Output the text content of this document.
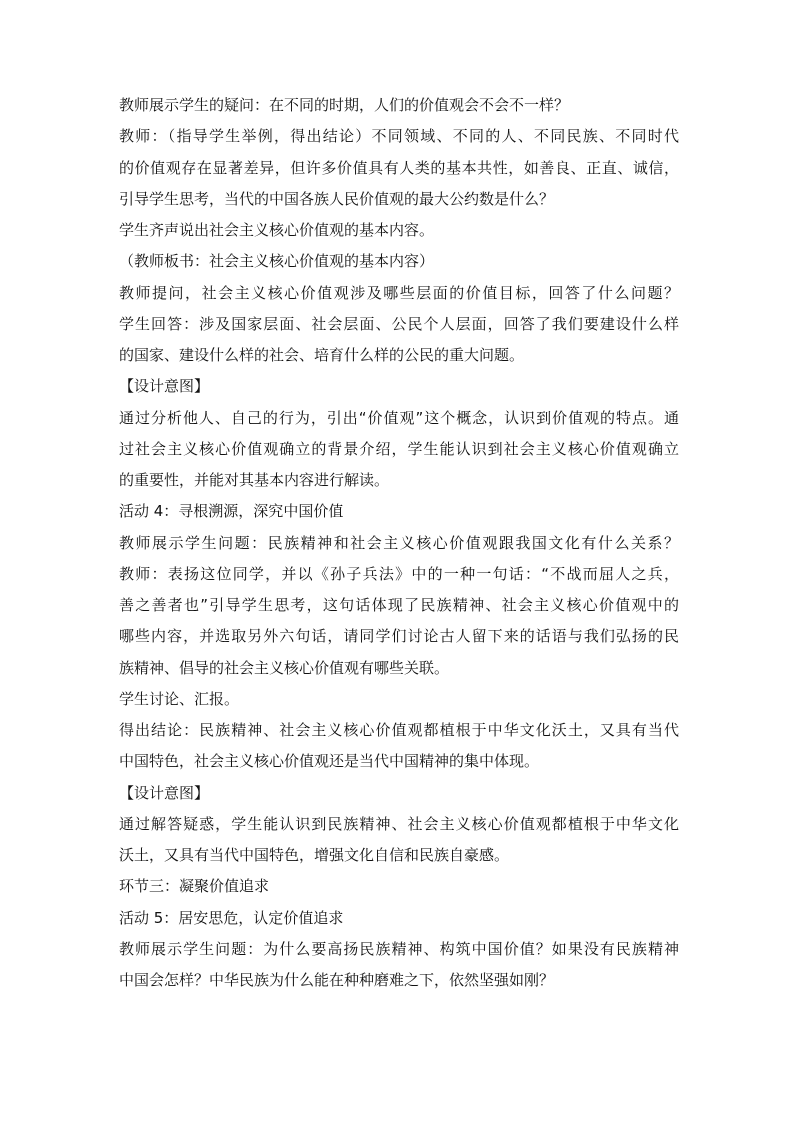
教师展示学生的疑问：在不同的时期，人们的价值观会不会不一样？
教师：（指导学生举例，得出结论）不同领域、不同的人、不同民族、不同时代
的价值观存在显著差异，但许多价值具有人类的基本共性，如善良、正直、诚信，
引导学生思考，当代的中国各族人民价值观的最大公约数是什么？
学生齐声说出社会主义核心价值观的基本内容。
（教师板书：社会主义核心价值观的基本内容）
教师提问，社会主义核心价值观涉及哪些层面的价值目标，回答了什么问题？
学生回答：涉及国家层面、社会层面、公民个人层面，回答了我们要建设什么样
的国家、建设什么样的社会、培育什么样的公民的重大问题。
【设计意图】
通过分析他人、自己的行为，引出“价值观”这个概念，认识到价值观的特点。通
过社会主义核心价值观确立的背景介绍，学生能认识到社会主义核心价值观确立
的重要性，并能对其基本内容进行解读。
活动 4：寻根溯源，深究中国价值
教师展示学生问题：民族精神和社会主义核心价值观跟我国文化有什么关系？
教师：表扬这位同学，并以《孙子兵法》中的一种一句话：“不战而屈人之兵，
善之善者也”引导学生思考，这句话体现了民族精神、社会主义核心价值观中的
哪些内容，并选取另外六句话，请同学们讨论古人留下来的话语与我们弘扬的民
族精神、倡导的社会主义核心价值观有哪些关联。
学生讨论、汇报。
得出结论：民族精神、社会主义核心价值观都植根于中华文化沃土，又具有当代
中国特色，社会主义核心价值观还是当代中国精神的集中体现。
【设计意图】
通过解答疑惑，学生能认识到民族精神、社会主义核心价值观都植根于中华文化
沃土，又具有当代中国特色，增强文化自信和民族自豪感。
环节三：凝聚价值追求
活动 5：居安思危，认定价值追求
教师展示学生问题：为什么要高扬民族精神、构筑中国价值？如果没有民族精神
中国会怎样？中华民族为什么能在种种磨难之下，依然坚强如刚？
